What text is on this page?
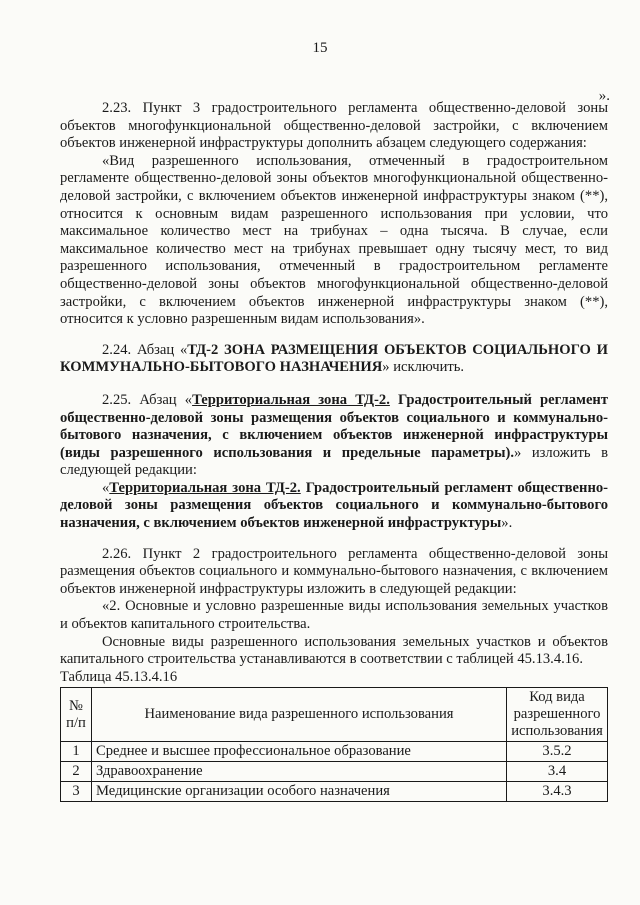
15
».

2.23. Пункт 3 градостроительного регламента общественно-деловой зоны объектов многофункциональной общественно-деловой застройки, с включением объектов инженерной инфраструктуры дополнить абзацем следующего содержания:

«Вид разрешенного использования, отмеченный в градостроительном регламенте общественно-деловой зоны объектов многофункциональной общественно-деловой застройки, с включением объектов инженерной инфраструктуры знаком (**), относится к основным видам разрешенного использования при условии, что максимальное количество мест на трибунах – одна тысяча. В случае, если максимальное количество мест на трибунах превышает одну тысячу мест, то вид разрешенного использования, отмеченный в градостроительном регламенте общественно-деловой зоны объектов многофункциональной общественно-деловой застройки, с включением объектов инженерной инфраструктуры знаком (**), относится к условно разрешенным видам использования».

2.24. Абзац «ТД-2 ЗОНА РАЗМЕЩЕНИЯ ОБЪЕКТОВ СОЦИАЛЬНОГО И КОММУНАЛЬНО-БЫТОВОГО НАЗНАЧЕНИЯ» исключить.

2.25. Абзац «Территориальная зона ТД-2. Градостроительный регламент общественно-деловой зоны размещения объектов социального и коммунально-бытового назначения, с включением объектов инженерной инфраструктуры (виды разрешенного использования и предельные параметры).» изложить в следующей редакции:

«Территориальная зона ТД-2. Градостроительный регламент общественно-деловой зоны размещения объектов социального и коммунально-бытового назначения, с включением объектов инженерной инфраструктуры».

2.26. Пункт 2 градостроительного регламента общественно-деловой зоны размещения объектов социального и коммунально-бытового назначения, с включением объектов инженерной инфраструктуры изложить в следующей редакции:

«2. Основные и условно разрешенные виды использования земельных участков и объектов капитального строительства.

Основные виды разрешенного использования земельных участков и объектов капитального строительства устанавливаются в соответствии с таблицей 45.13.4.16.

Таблица 45.13.4.16

№ п/п	Наименование вида разрешенного использования	Код вида разрешенного использования
1	Среднее и высшее профессиональное образование	3.5.2
2	Здравоохранение	3.4
3	Медицинские организации особого назначения	3.4.3
